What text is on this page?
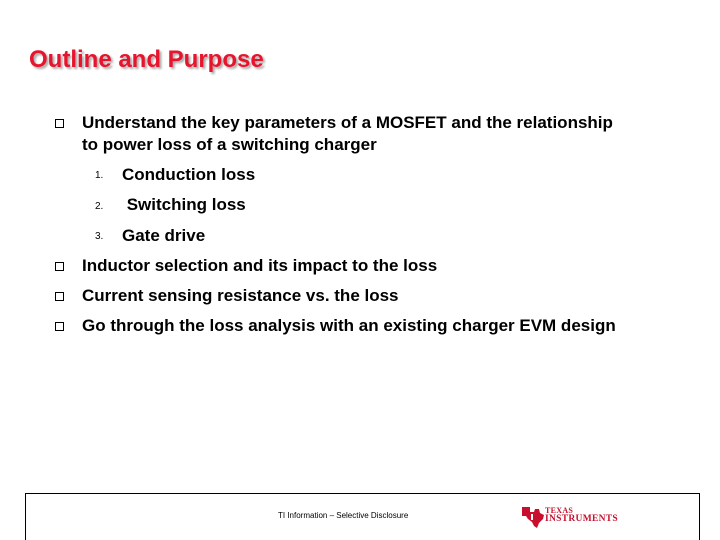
Outline and Purpose
Understand the key parameters of a MOSFET and the relationship
to power loss of a switching charger
1. Conduction loss
2. Switching loss
3. Gate drive
Inductor selection and its impact to the loss
Current sensing resistance vs. the loss
Go through the loss analysis with an existing charger EVM design
TI Information – Selective Disclosure
TEXAS
INSTRUMENTS
